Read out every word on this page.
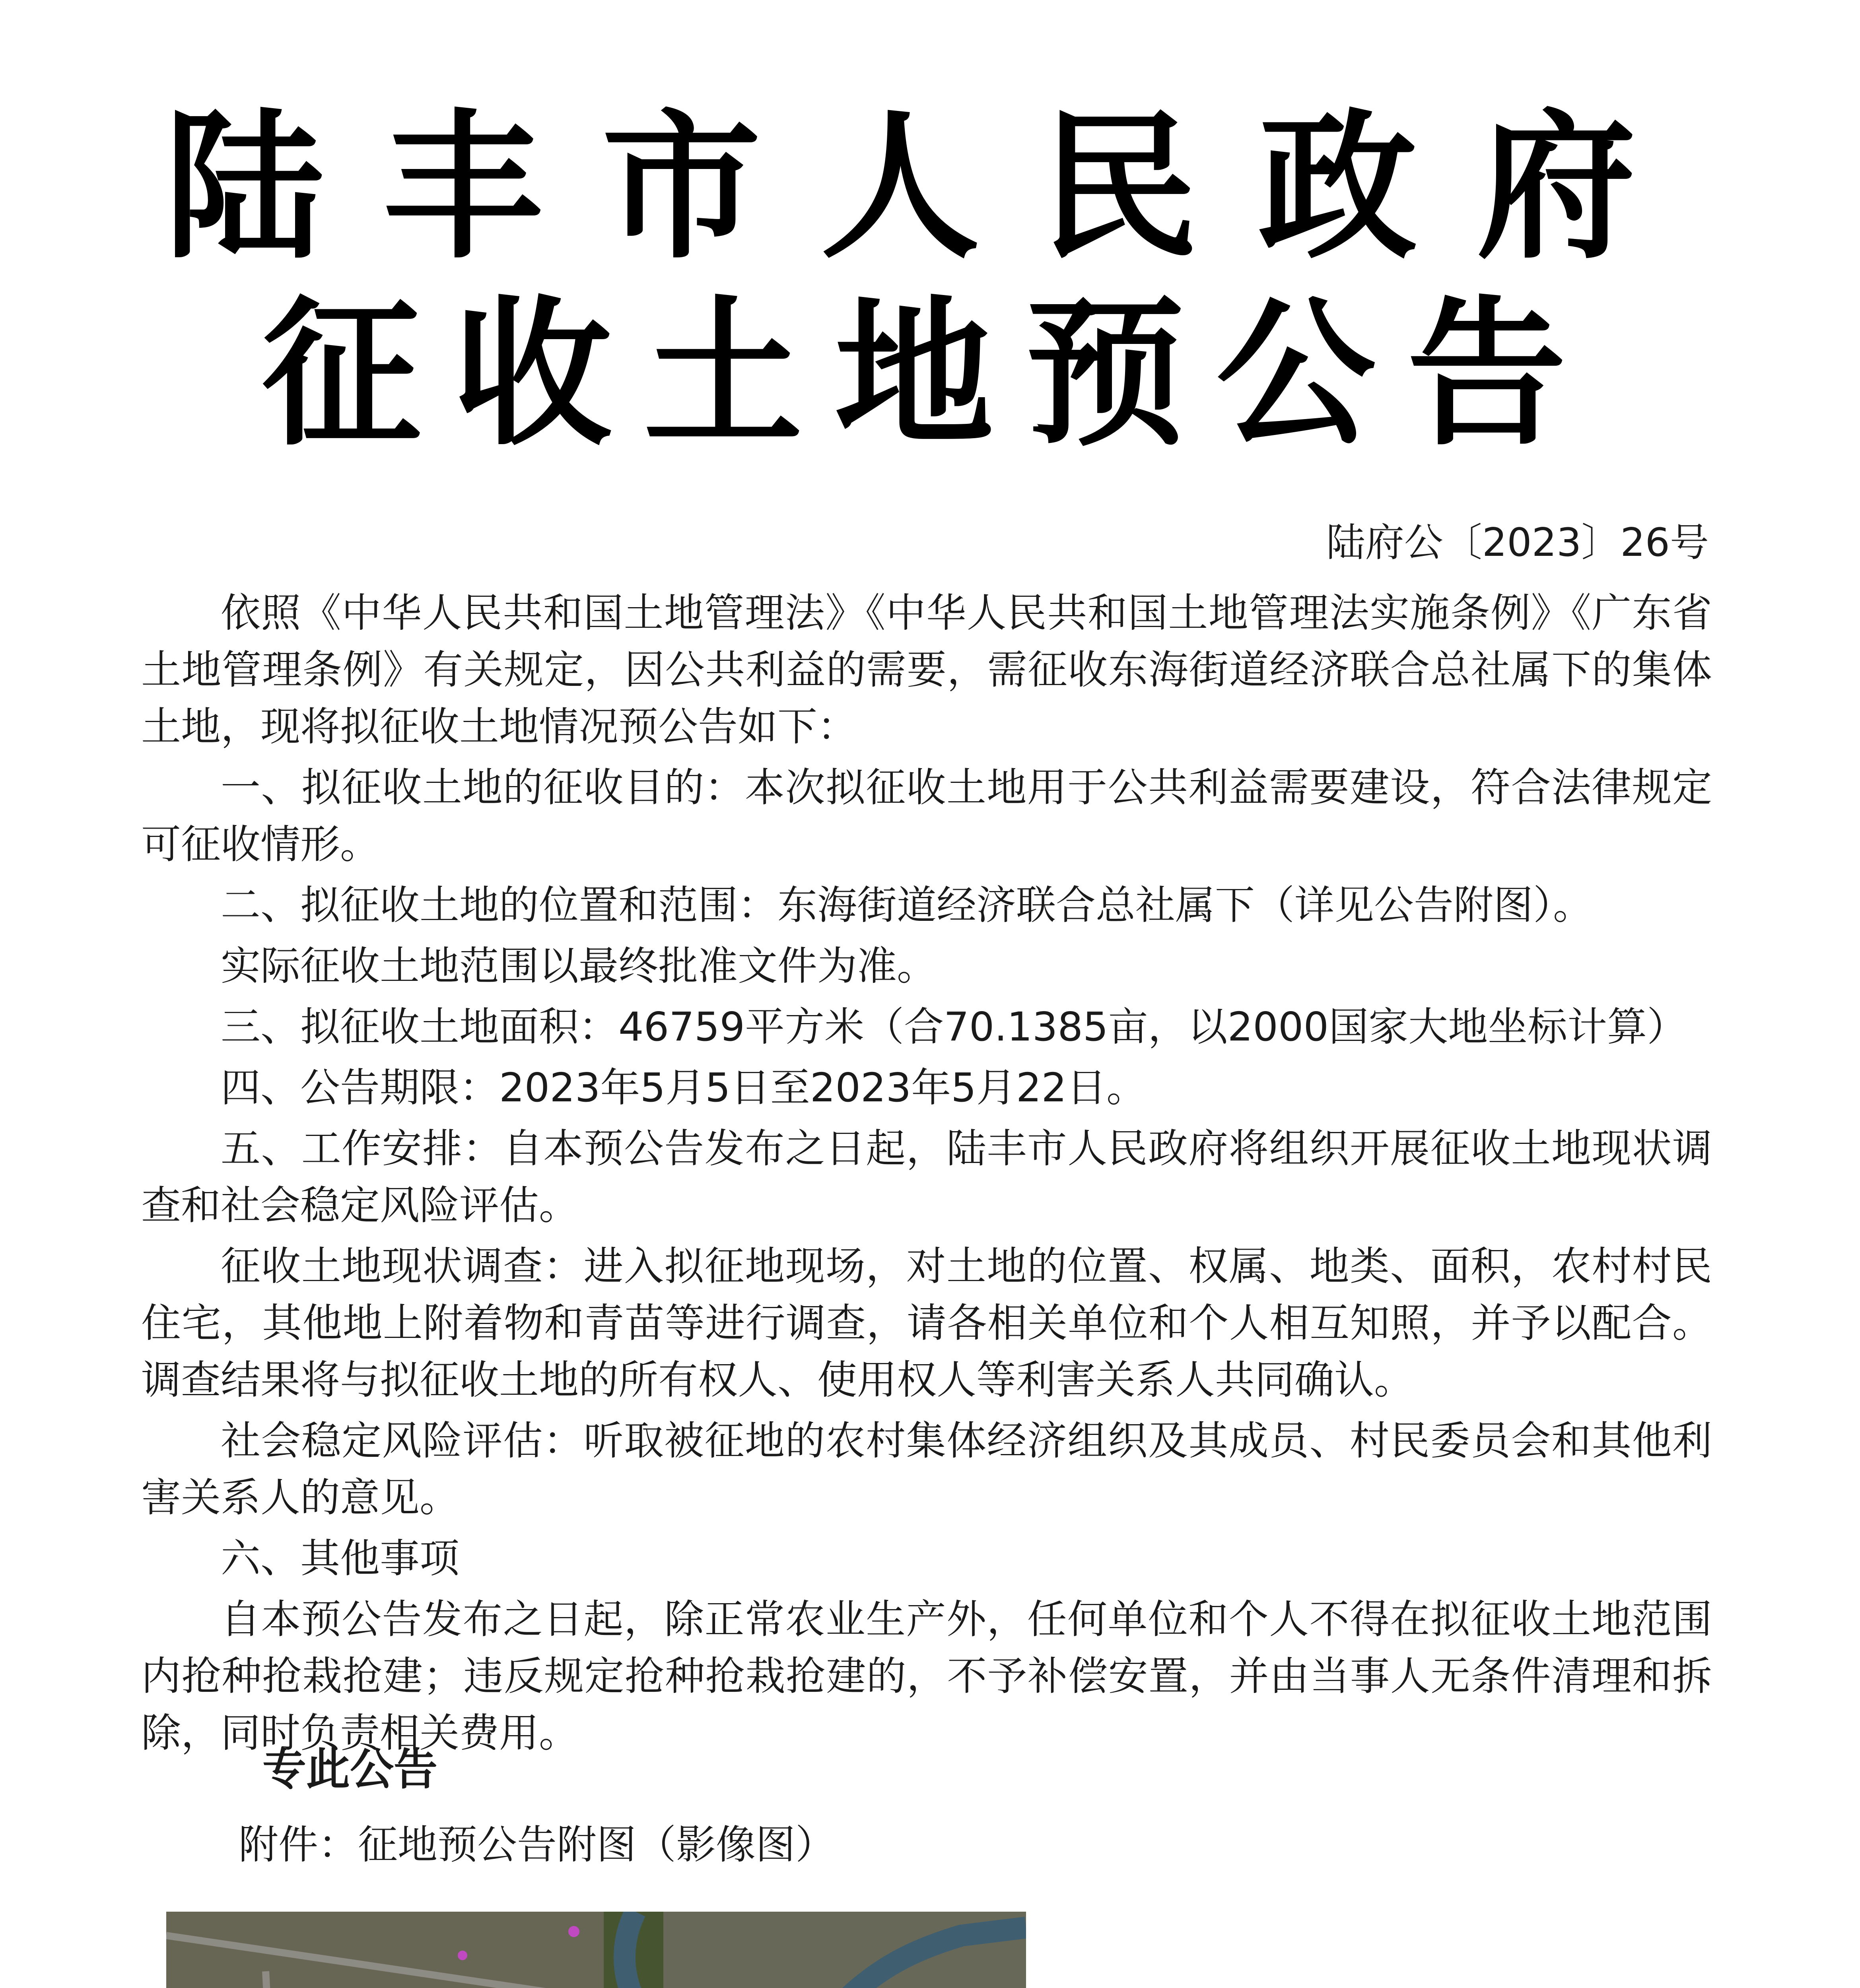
陆丰市人民政府
征收土地预公告

陆府公〔2023〕26号

依照《中华人民共和国土地管理法》《中华人民共和国土地管理法实施条例》《广东省土地管理条例》有关规定，因公共利益的需要，需征收东海街道经济联合总社属下的集体土地，现将拟征收土地情况预公告如下：

一、拟征收土地的征收目的：本次拟征收土地用于公共利益需要建设，符合法律规定可征收情形。

二、拟征收土地的位置和范围：东海街道经济联合总社属下（详见公告附图）。

实际征收土地范围以最终批准文件为准。

三、拟征收土地面积：46759平方米（合70.1385亩，以2000国家大地坐标计算）

四、公告期限：2023年5月5日至2023年5月22日。

五、工作安排：自本预公告发布之日起，陆丰市人民政府将组织开展征收土地现状调查和社会稳定风险评估。

征收土地现状调查：进入拟征地现场，对土地的位置、权属、地类、面积，农村村民住宅，其他地上附着物和青苗等进行调查，请各相关单位和个人相互知照，并予以配合。调查结果将与拟征收土地的所有权人、使用权人等利害关系人共同确认。

社会稳定风险评估：听取被征地的农村集体经济组织及其成员、村民委员会和其他利害关系人的意见。

六、其他事项

自本预公告发布之日起，除正常农业生产外，任何单位和个人不得在拟征收土地范围内抢种抢栽抢建；违反规定抢种抢栽抢建的，不予补偿安置，并由当事人无条件清理和拆除，同时负责相关费用。

专此公告
附件：征地预公告附图（影像图）
